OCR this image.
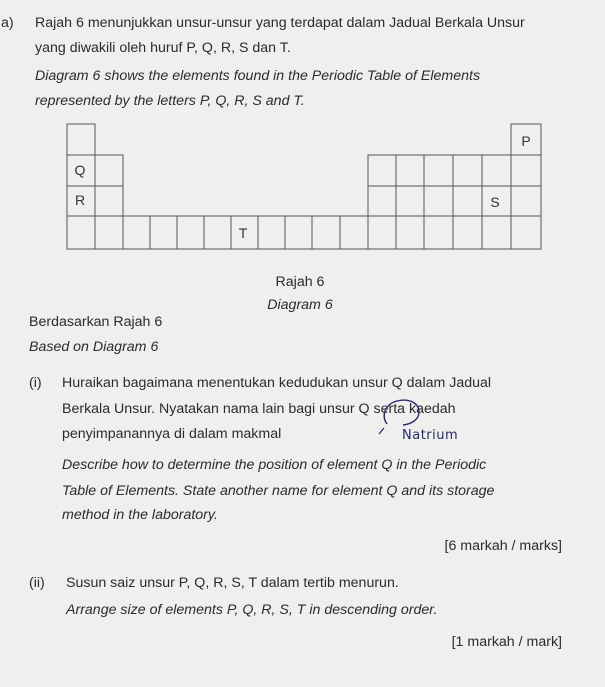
a) Rajah 6 menunjukkan unsur-unsur yang terdapat dalam Jadual Berkala Unsur
yang diwakili oleh huruf P, Q, R, S dan T.
Diagram 6 shows the elements found in the Periodic Table of Elements
represented by the letters P, Q, R, S and T.
P
Q
R	S
T
Rajah 6
Diagram 6
Berdasarkan Rajah 6
Based on Diagram 6
(i) Huraikan bagaimana menentukan kedudukan unsur Q dalam Jadual
Berkala Unsur. Nyatakan nama lain bagi unsur Q serta kaedah
penyimpanannya di dalam makmal	Natrium
Describe how to determine the position of element Q in the Periodic
Table of Elements. State another name for element Q and its storage
method in the laboratory.
[6 markah / marks]
(ii) Susun saiz unsur P, Q, R, S, T dalam tertib menurun.
Arrange size of elements P, Q, R, S, T in descending order.
[1 markah / mark]
